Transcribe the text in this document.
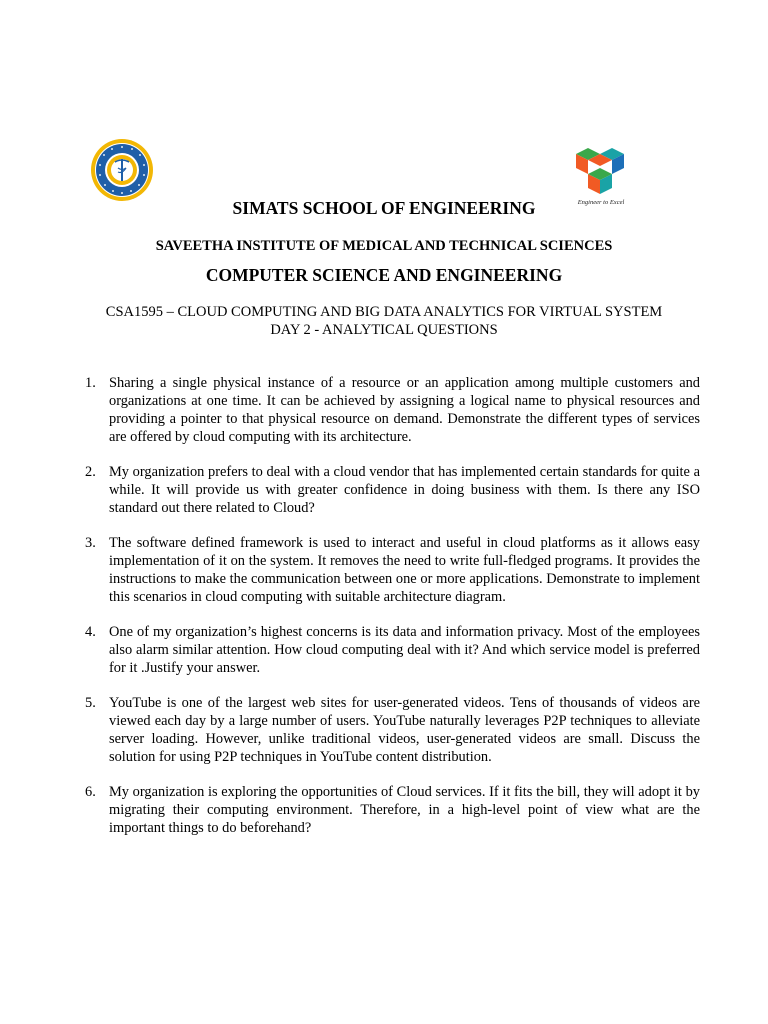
Engineer to Excel
SIMATS SCHOOL OF ENGINEERING
SAVEETHA INSTITUTE OF MEDICAL AND TECHNICAL SCIENCES
COMPUTER SCIENCE AND ENGINEERING
CSA1595 – CLOUD COMPUTING AND BIG DATA ANALYTICS FOR VIRTUAL SYSTEM
DAY 2 - ANALYTICAL QUESTIONS
1. Sharing a single physical instance of a resource or an application among multiple customers and organizations at one time. It can be achieved by assigning a logical name to physical resources and providing a pointer to that physical resource on demand. Demonstrate the different types of services are offered by cloud computing with its architecture.
2. My organization prefers to deal with a cloud vendor that has implemented certain standards for quite a while. It will provide us with greater confidence in doing business with them. Is there any ISO standard out there related to Cloud?
3. The software defined framework is used to interact and useful in cloud platforms as it allows easy implementation of it on the system. It removes the need to write full-fledged programs. It provides the instructions to make the communication between one or more applications. Demonstrate to implement this scenarios in cloud computing with suitable architecture diagram.
4. One of my organization’s highest concerns is its data and information privacy. Most of the employees also alarm similar attention. How cloud computing deal with it? And which service model is preferred for it .Justify your answer.
5. YouTube is one of the largest web sites for user-generated videos. Tens of thousands of videos are viewed each day by a large number of users. YouTube naturally leverages P2P techniques to alleviate server loading. However, unlike traditional videos, user-generated videos are small. Discuss the solution for using P2P techniques in YouTube content distribution.
6. My organization is exploring the opportunities of Cloud services. If it fits the bill, they will adopt it by migrating their computing environment. Therefore, in a high-level point of view what are the important things to do beforehand?
